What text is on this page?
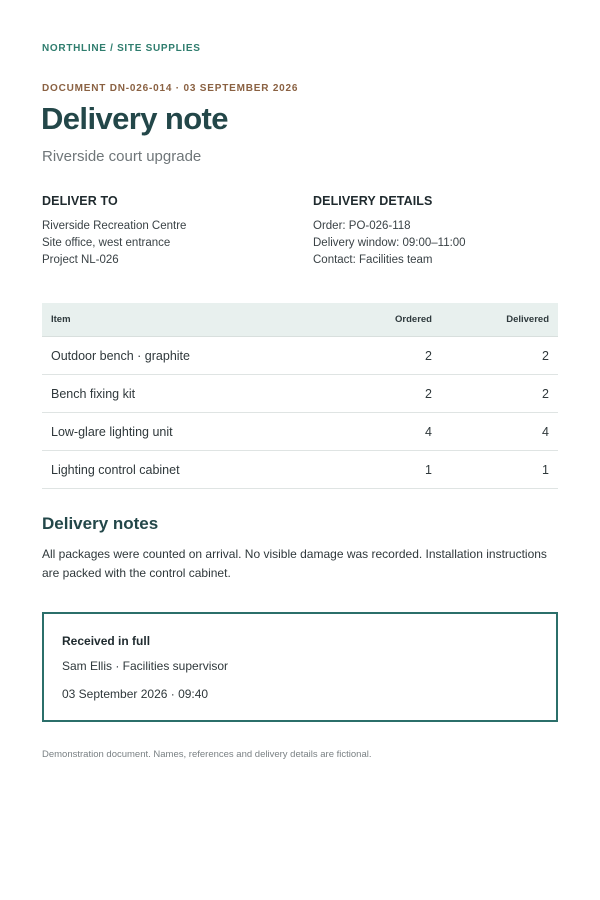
NORTHLINE / SITE SUPPLIES
DOCUMENT DN-026-014 · 03 SEPTEMBER 2026
Delivery note
Riverside court upgrade
DELIVER TO
Riverside Recreation Centre
Site office, west entrance
Project NL-026
DELIVERY DETAILS
Order: PO-026-118
Delivery window: 09:00–11:00
Contact: Facilities team
Item	Ordered	Delivered
Outdoor bench · graphite	2	2
Bench fixing kit	2	2
Low-glare lighting unit	4	4
Lighting control cabinet	1	1
Delivery notes
All packages were counted on arrival. No visible damage was recorded. Installation instructions are packed with the control cabinet.
Received in full
Sam Ellis · Facilities supervisor
03 September 2026 · 09:40
Demonstration document. Names, references and delivery details are fictional.
